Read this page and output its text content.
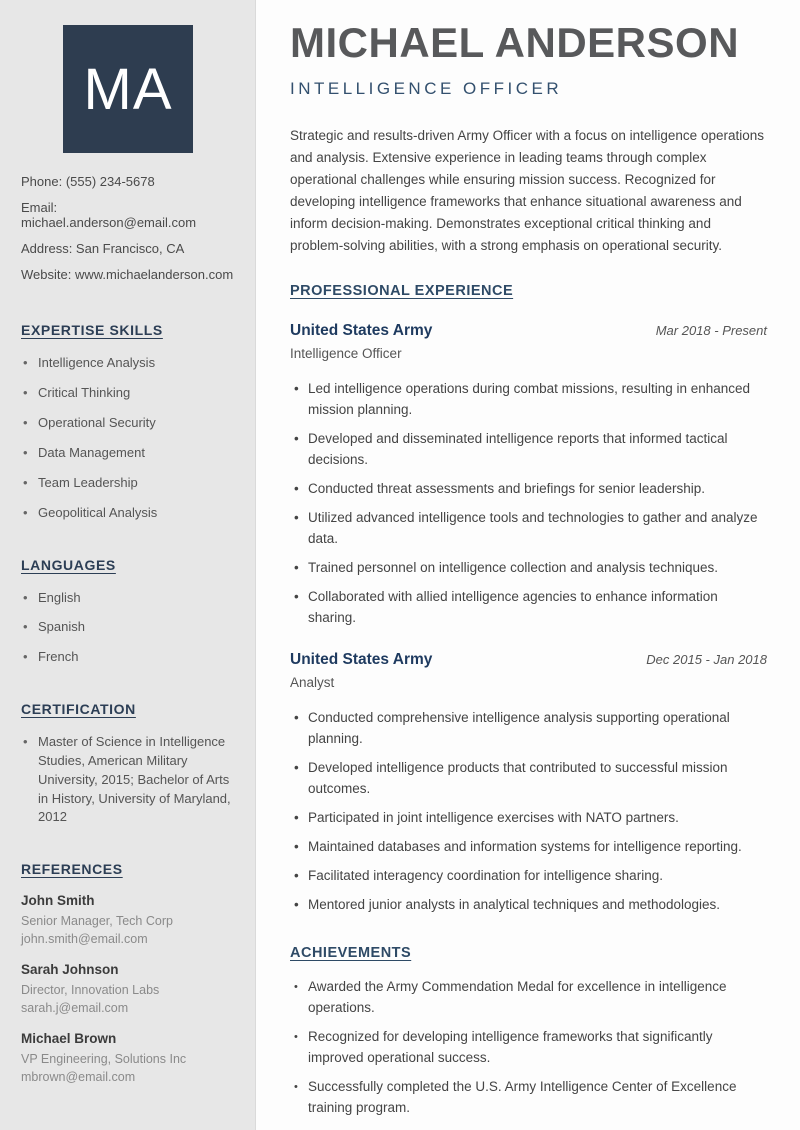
MA
Phone: (555) 234-5678
Email: michael.anderson@email.com
Address: San Francisco, CA
Website: www.michaelanderson.com
EXPERTISE SKILLS
• Intelligence Analysis
• Critical Thinking
• Operational Security
• Data Management
• Team Leadership
• Geopolitical Analysis
LANGUAGES
• English
• Spanish
• French
CERTIFICATION
• Master of Science in Intelligence Studies, American Military University, 2015; Bachelor of Arts in History, University of Maryland, 2012
REFERENCES
John Smith
Senior Manager, Tech Corp
john.smith@email.com
Sarah Johnson
Director, Innovation Labs
sarah.j@email.com
Michael Brown
VP Engineering, Solutions Inc
mbrown@email.com
MICHAEL ANDERSON
INTELLIGENCE OFFICER

Strategic and results-driven Army Officer with a focus on intelligence operations and analysis. Extensive experience in leading teams through complex operational challenges while ensuring mission success. Recognized for developing intelligence frameworks that enhance situational awareness and inform decision-making. Demonstrates exceptional critical thinking and problem-solving abilities, with a strong emphasis on operational security.

PROFESSIONAL EXPERIENCE
United States Army	Mar 2018 - Present
Intelligence Officer
• Led intelligence operations during combat missions, resulting in enhanced mission planning.
• Developed and disseminated intelligence reports that informed tactical decisions.
• Conducted threat assessments and briefings for senior leadership.
• Utilized advanced intelligence tools and technologies to gather and analyze data.
• Trained personnel on intelligence collection and analysis techniques.
• Collaborated with allied intelligence agencies to enhance information sharing.
United States Army	Dec 2015 - Jan 2018
Analyst
• Conducted comprehensive intelligence analysis supporting operational planning.
• Developed intelligence products that contributed to successful mission outcomes.
• Participated in joint intelligence exercises with NATO partners.
• Maintained databases and information systems for intelligence reporting.
• Facilitated interagency coordination for intelligence sharing.
• Mentored junior analysts in analytical techniques and methodologies.
ACHIEVEMENTS
• Awarded the Army Commendation Medal for excellence in intelligence operations.
• Recognized for developing intelligence frameworks that significantly improved operational success.
• Successfully completed the U.S. Army Intelligence Center of Excellence training program.
